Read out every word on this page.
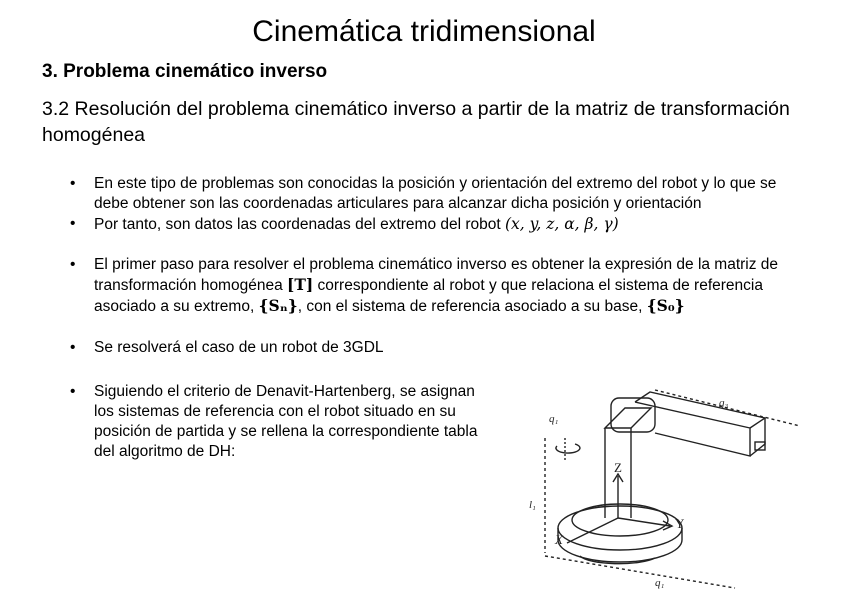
Cinemática tridimensional
3. Problema cinemático inverso
3.2 Resolución del problema cinemático inverso a partir de la matriz de transformación homogénea
• En este tipo de problemas son conocidas la posición y orientación del extremo del robot y lo que se debe obtener son las coordenadas articulares para alcanzar dicha posición y orientación
• Por tanto, son datos las coordenadas del extremo del robot (x, y, z, α, β, γ)
• El primer paso para resolver el problema cinemático inverso es obtener la expresión de la matriz de transformación homogénea [T] correspondiente al robot y que relaciona el sistema de referencia asociado a su extremo, {Sₙ}, con el sistema de referencia asociado a su base, {S₀}
• Se resolverá el caso de un robot de 3GDL
• Siguiendo el criterio de Denavit-Hartenberg, se asignan los sistemas de referencia con el robot situado en su posición de partida y se rellena la correspondiente tabla del algoritmo de DH:
q₁
q₃
Z
X
Y
l₁
q₁
